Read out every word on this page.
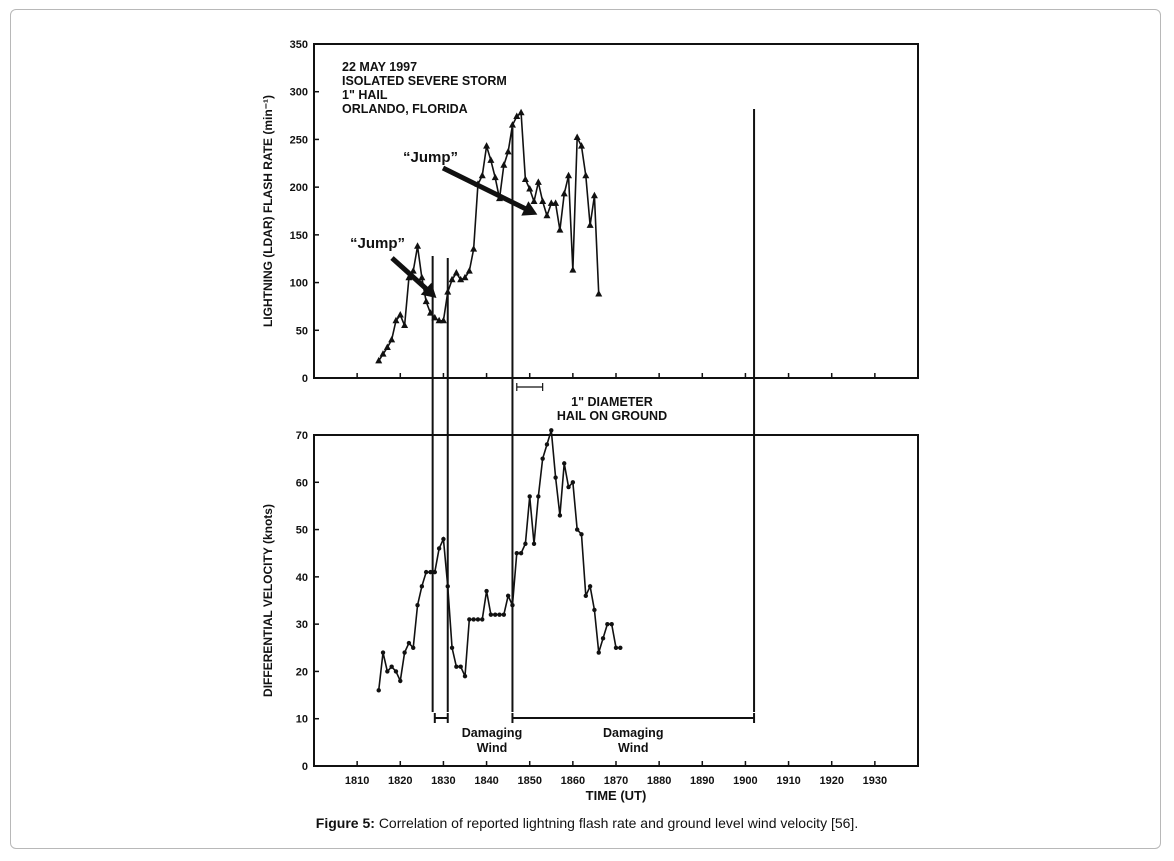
0
50
100
150
200
250
300
350
LIGHTNING (LDAR) FLASH RATE (min⁻¹)
22 MAY 1997
ISOLATED SEVERE STORM
1" HAIL
ORLANDO, FLORIDA
“Jump”
“Jump”
1" DIAMETER
HAIL ON GROUND
0
10
20
30
40
50
60
70
1810 1820 1830 1840 1850 1860 1870 1880 1890 1900 1910 1920 1930
DIFFERENTIAL VELOCITY (knots)
TIME (UT)
Damaging
Wind
Damaging
Wind
Figure 5: Correlation of reported lightning flash rate and ground level wind velocity [56].
